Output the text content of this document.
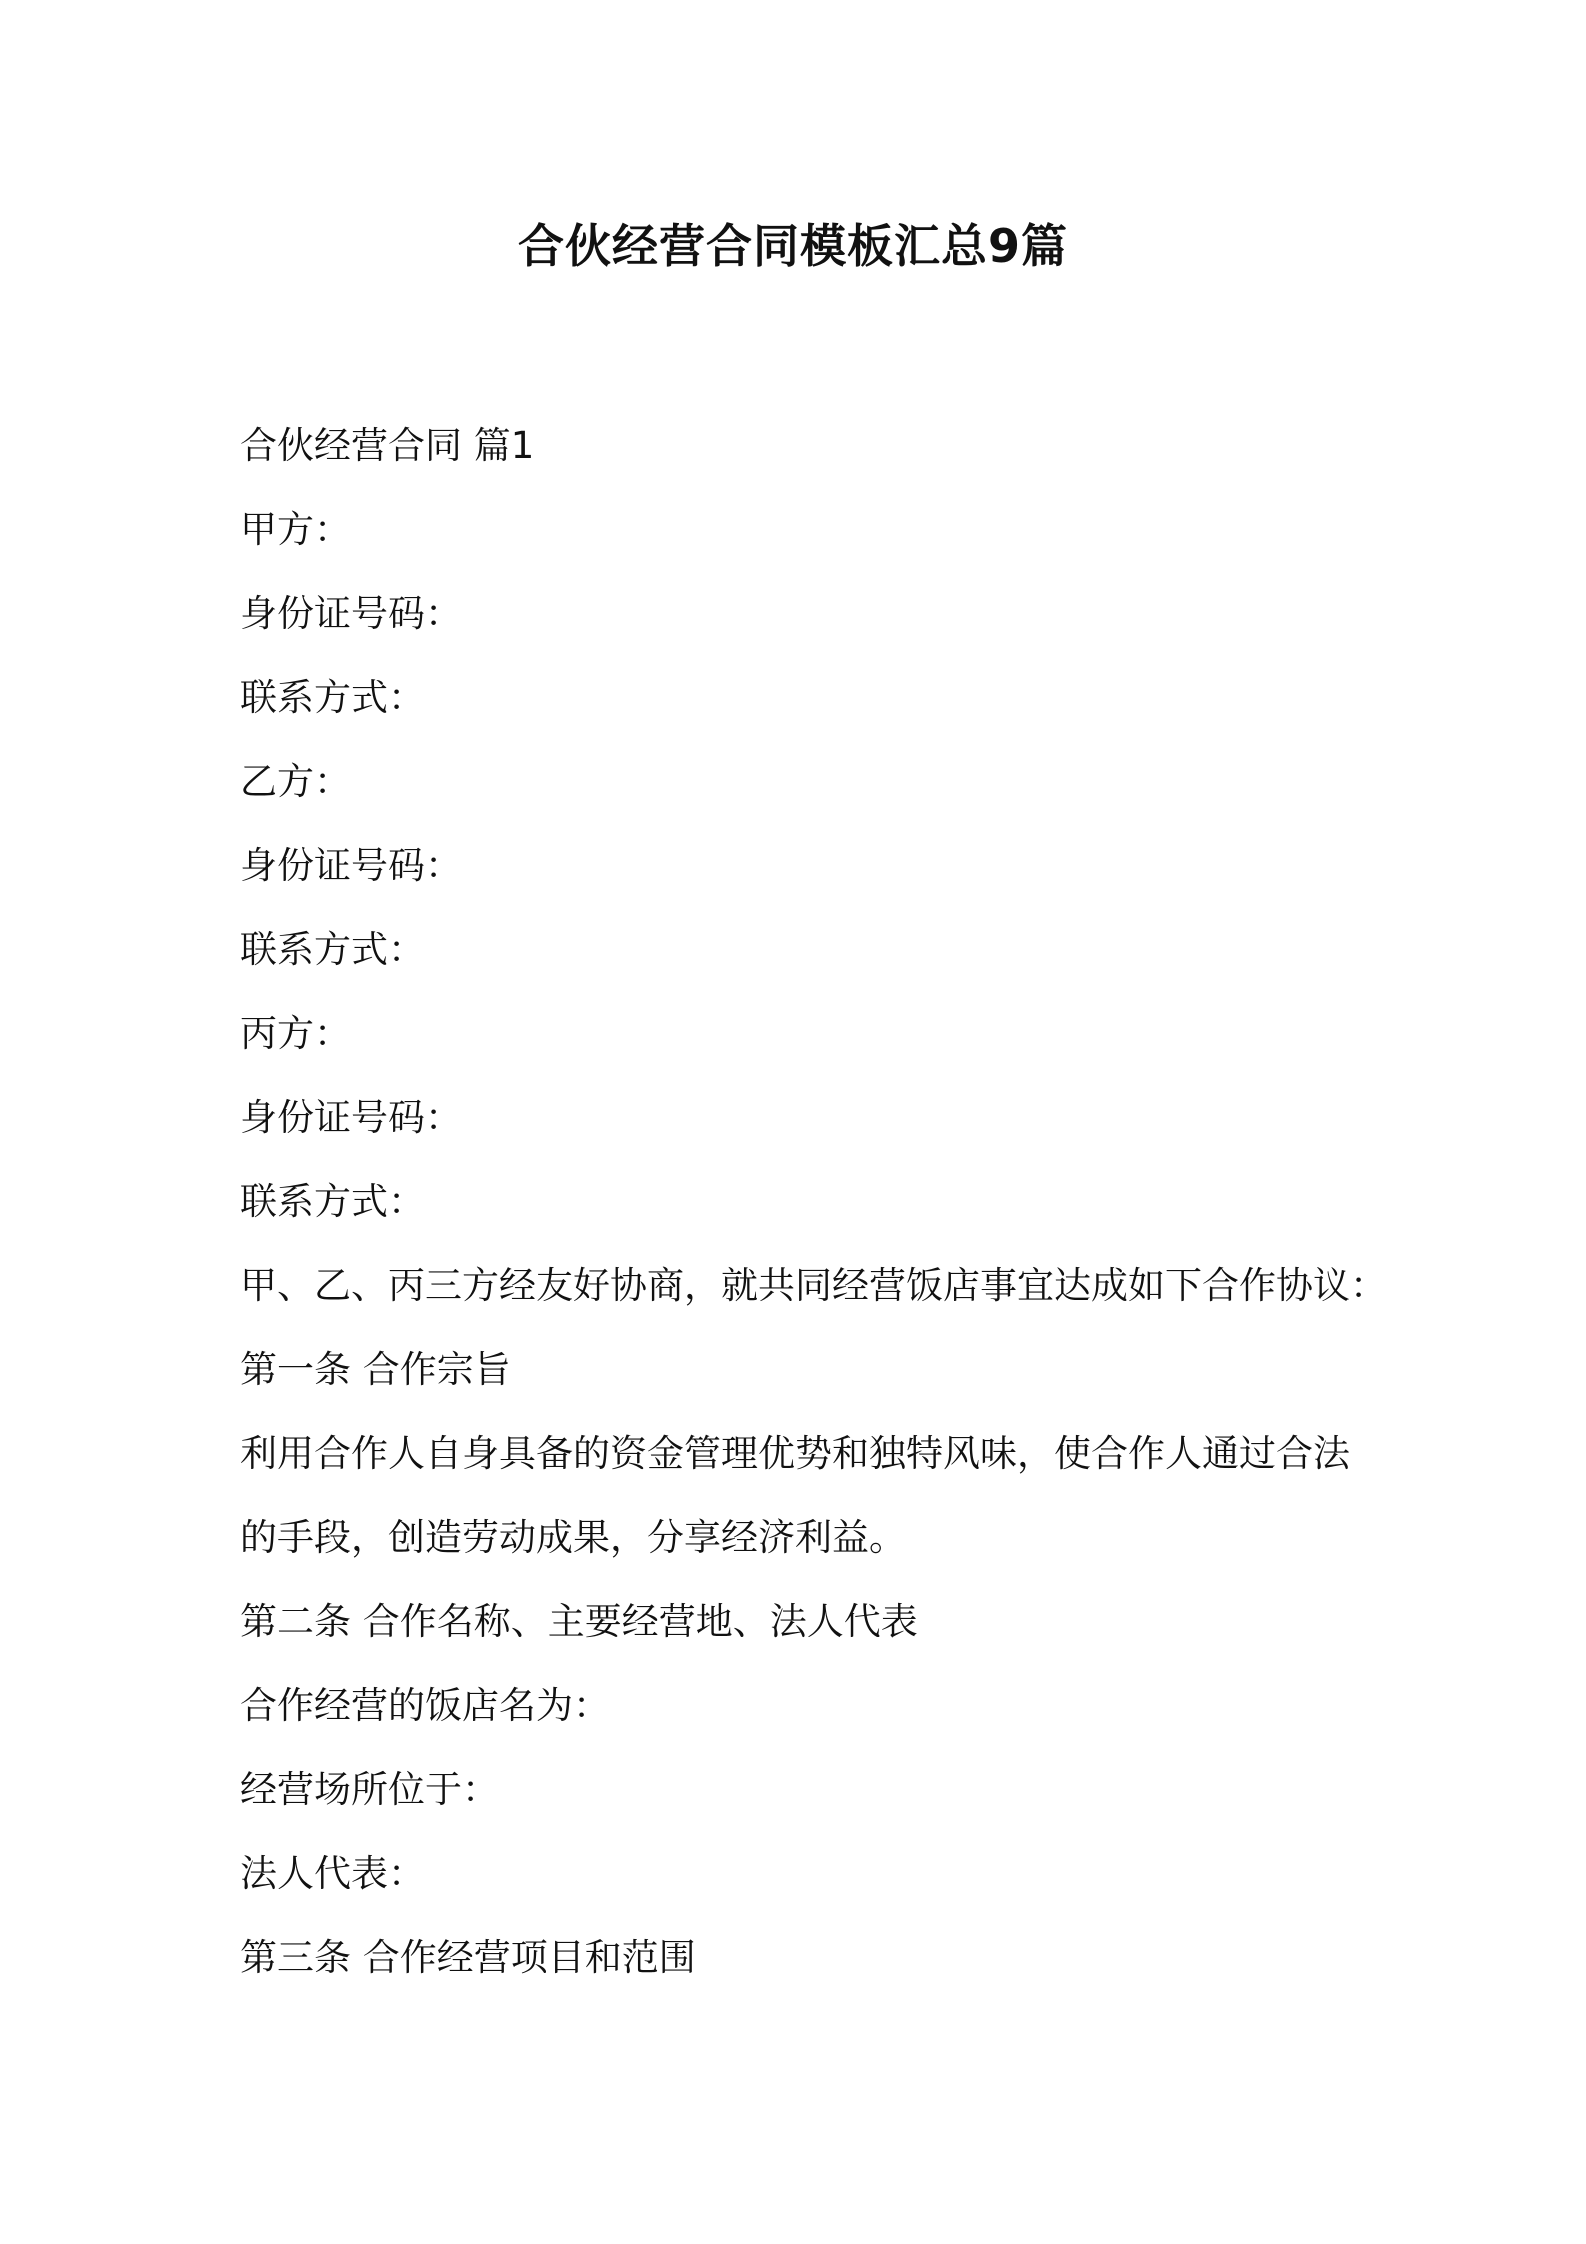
合伙经营合同模板汇总9篇

合伙经营合同 篇1

甲方：

身份证号码：

联系方式：

乙方：

身份证号码：

联系方式：

丙方：

身份证号码：

联系方式：

甲、乙、丙三方经友好协商，就共同经营饭店事宜达成如下合作协议：

第一条 合作宗旨

利用合作人自身具备的资金管理优势和独特风味，使合作人通过合法

的手段，创造劳动成果，分享经济利益。

第二条 合作名称、主要经营地、法人代表

合作经营的饭店名为：

经营场所位于：

法人代表：

第三条 合作经营项目和范围
